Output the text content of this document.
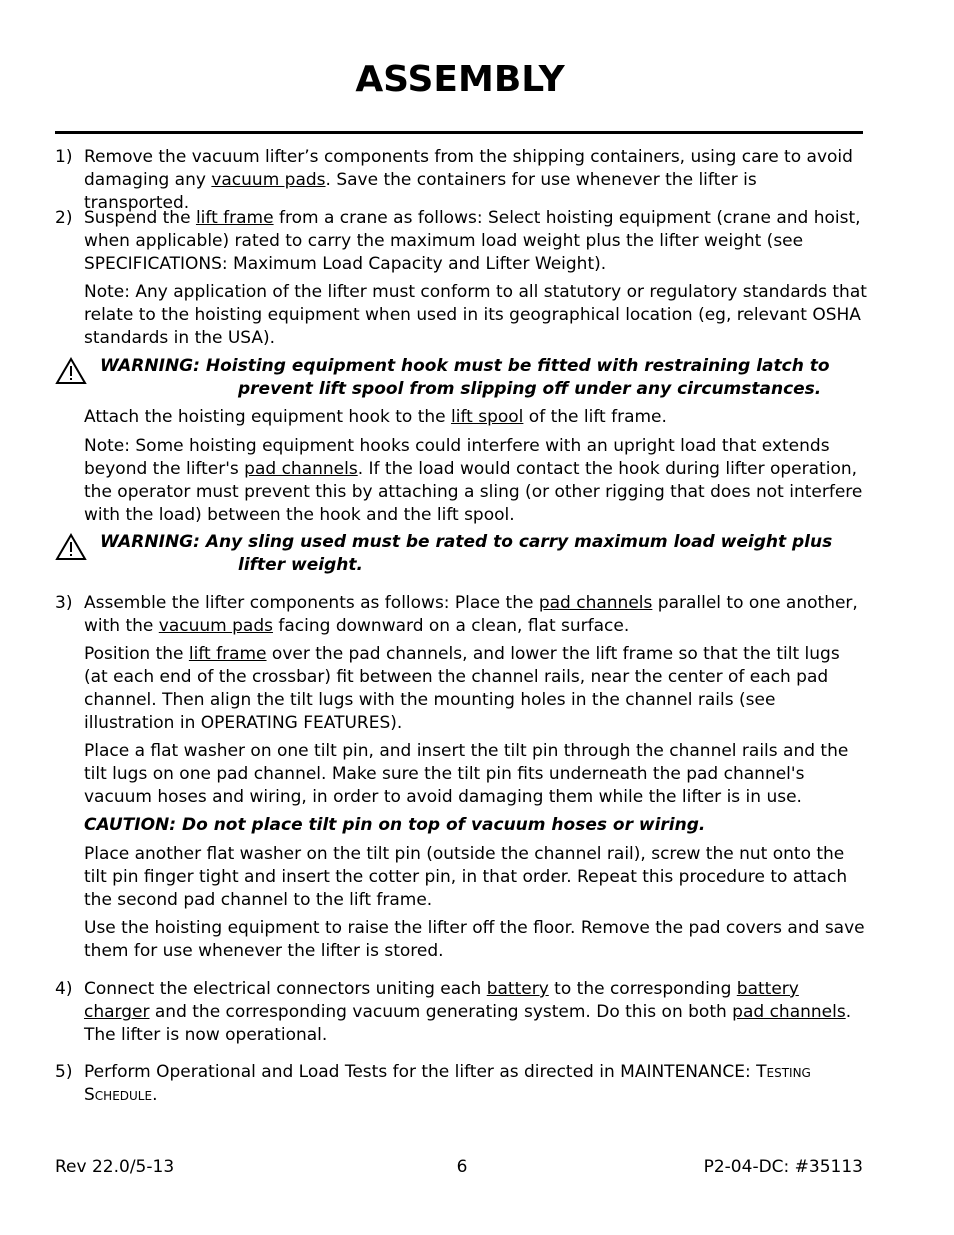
ASSEMBLY
1) Remove the vacuum lifter’s components from the shipping containers, using care to avoid damaging any vacuum pads. Save the containers for use whenever the lifter is transported.

2) Suspend the lift frame from a crane as follows: Select hoisting equipment (crane and hoist, when applicable) rated to carry the maximum load weight plus the lifter weight (see SPECIFICATIONS: Maximum Load Capacity and Lifter Weight).

Note: Any application of the lifter must conform to all statutory or regulatory standards that relate to the hoisting equipment when used in its geographical location (eg, relevant OSHA standards in the USA).

WARNING: Hoisting equipment hook must be fitted with restraining latch to
prevent lift spool from slipping off under any circumstances.

Attach the hoisting equipment hook to the lift spool of the lift frame.

Note: Some hoisting equipment hooks could interfere with an upright load that extends beyond the lifter's pad channels. If the load would contact the hook during lifter operation, the operator must prevent this by attaching a sling (or other rigging that does not interfere with the load) between the hook and the lift spool.

WARNING: Any sling used must be rated to carry maximum load weight plus
lifter weight.
3) Assemble the lifter components as follows: Place the pad channels parallel to one another, with the vacuum pads facing downward on a clean, flat surface.

Position the lift frame over the pad channels, and lower the lift frame so that the tilt lugs (at each end of the crossbar) fit between the channel rails, near the center of each pad channel. Then align the tilt lugs with the mounting holes in the channel rails (see illustration in OPERATING FEATURES).

Place a flat washer on one tilt pin, and insert the tilt pin through the channel rails and the tilt lugs on one pad channel. Make sure the tilt pin fits underneath the pad channel's vacuum hoses and wiring, in order to avoid damaging them while the lifter is in use.

CAUTION: Do not place tilt pin on top of vacuum hoses or wiring.

Place another flat washer on the tilt pin (outside the channel rail), screw the nut onto the tilt pin finger tight and insert the cotter pin, in that order. Repeat this procedure to attach the second pad channel to the lift frame.

Use the hoisting equipment to raise the lifter off the floor. Remove the pad covers and save them for use whenever the lifter is stored.

4) Connect the electrical connectors uniting each battery to the corresponding battery charger and the corresponding vacuum generating system. Do this on both pad channels. The lifter is now operational.

5) Perform Operational and Load Tests for the lifter as directed in MAINTENANCE: Testing Schedule.

Rev 22.0/5-13	6	P2-04-DC: #35113
